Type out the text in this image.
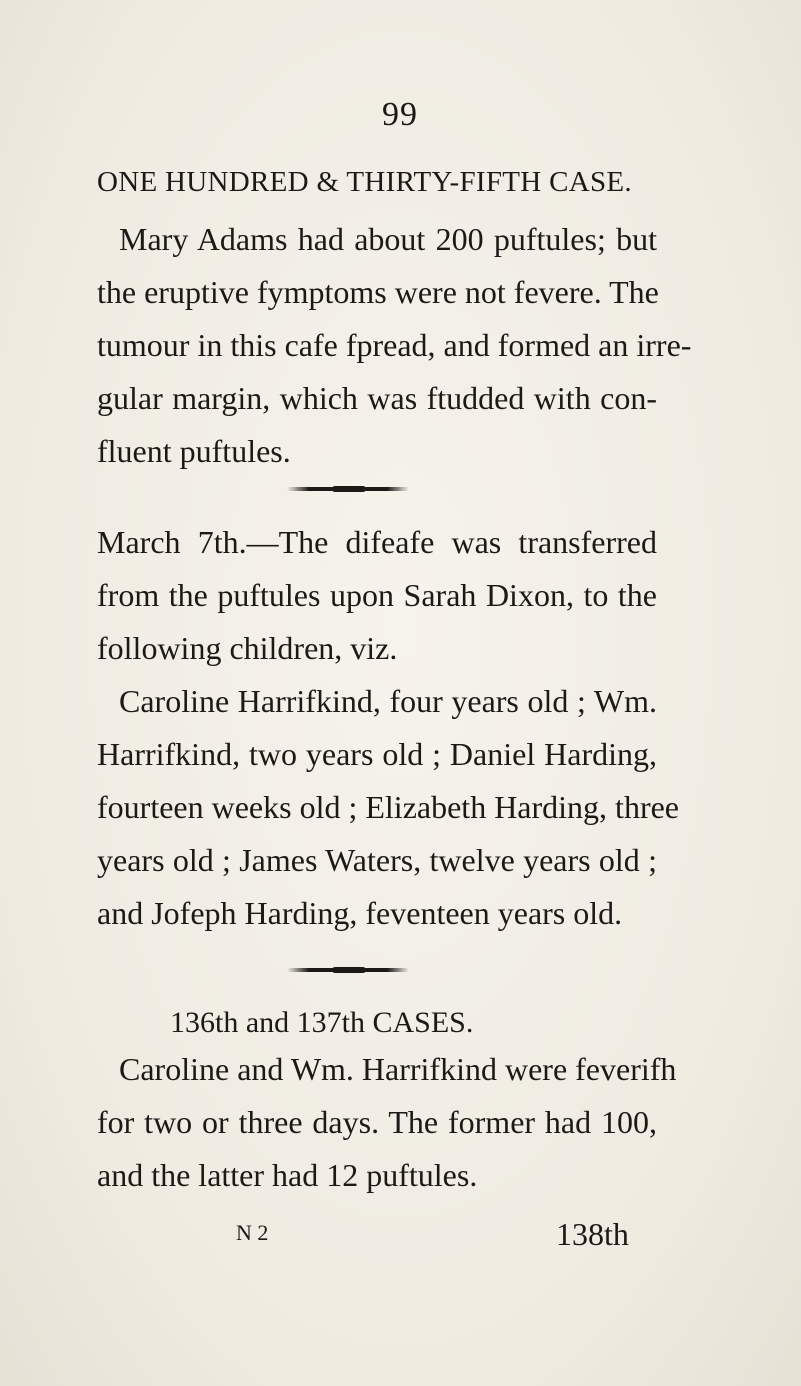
99
ONE HUNDRED & THIRTY-FIFTH CASE.
Mary Adams had about 200 puftules; but
the eruptive fymptoms were not fevere. The
tumour in this cafe fpread, and formed an irre-
gular margin, which was ftudded with con-
fluent puftules.
March 7th.—The difeafe was transferred
from the puftules upon Sarah Dixon, to the
following children, viz.
Caroline Harrifkind, four years old ; Wm.
Harrifkind, two years old ; Daniel Harding,
fourteen weeks old ; Elizabeth Harding, three
years old ; James Waters, twelve years old ;
and Jofeph Harding, feventeen years old.
136th and 137th CASES.
Caroline and Wm. Harrifkind were feverifh
for two or three days. The former had 100,
and the latter had 12 puftules.
N 2	138th
